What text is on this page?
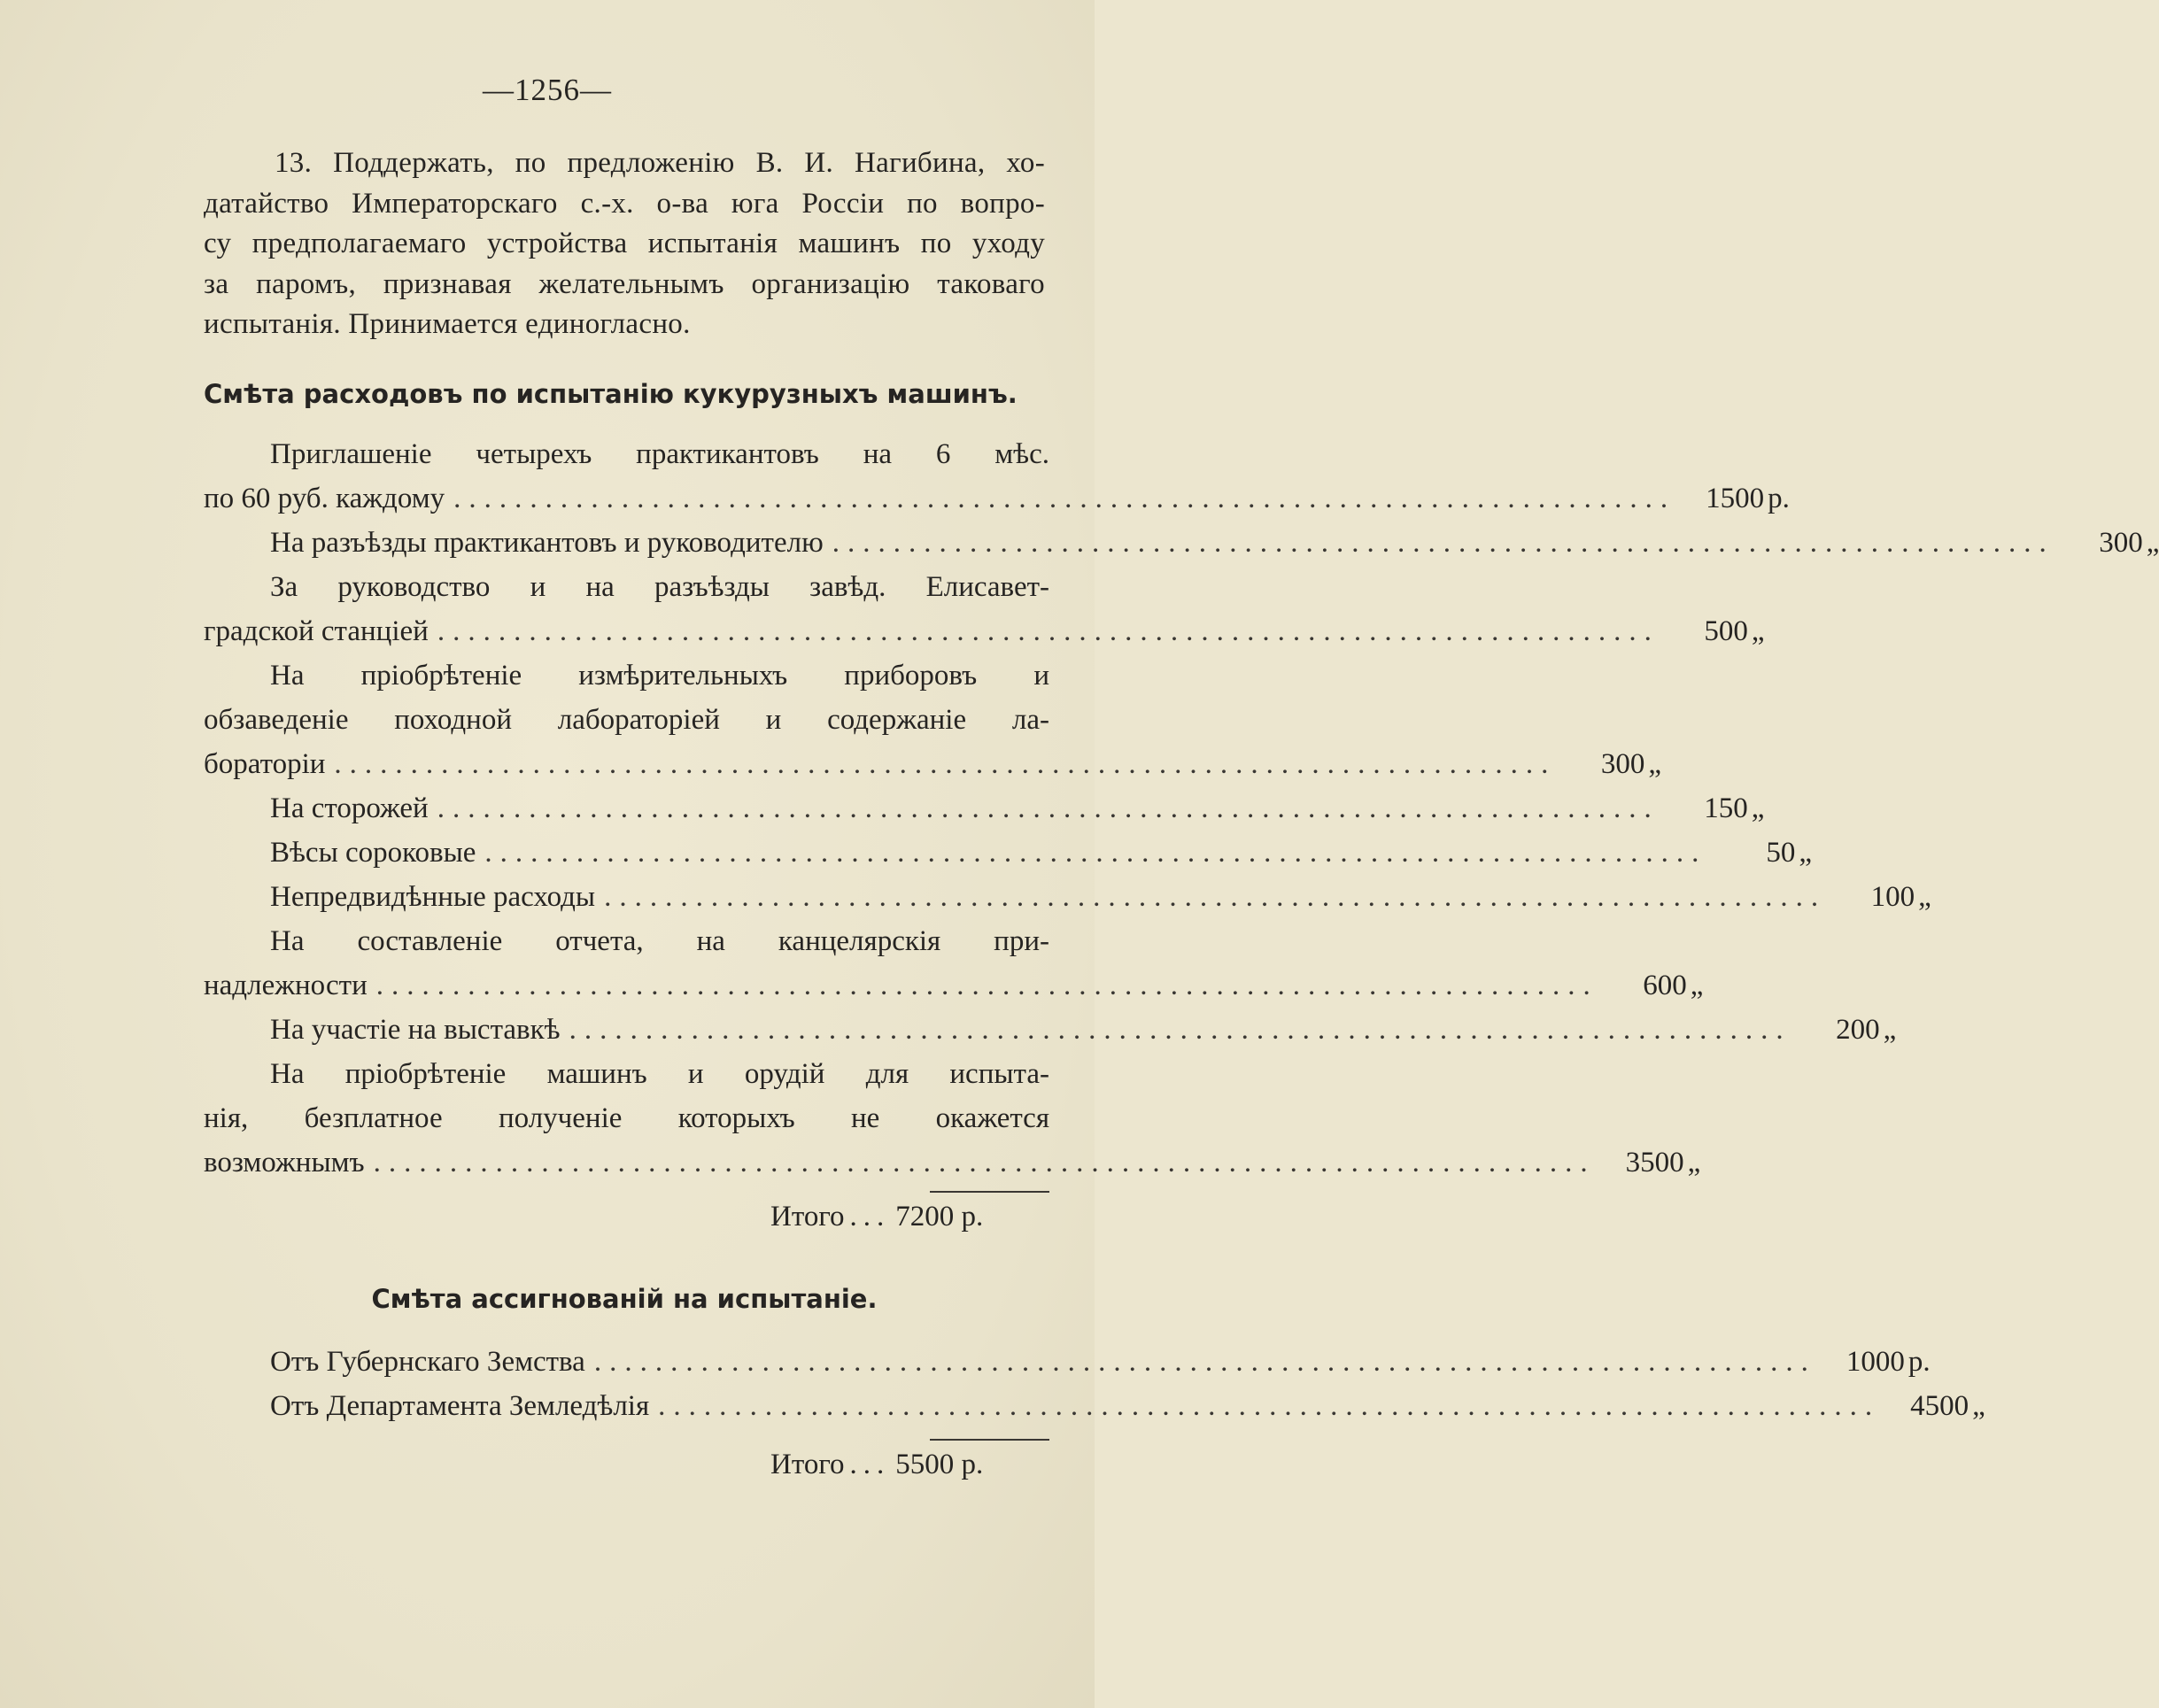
—1256—
13. Поддержать, по предложенію В. И. Нагибина, хо-
датайство Императорскаго с.-х. о-ва юга Россіи по вопро-
су предполагаемаго устройства испытанія машинъ по уходу
за паромъ, признавая желательнымъ организацію таковаго
испытанія. Принимается единогласно.
Смѣта расходовъ по испытанію кукурузныхъ машинъ.
Приглашеніе четырехъ практикантовъ на 6 мѣс.
по 60 руб. каждому ................................................................................	1500 р.
На разъѣзды практикантовъ и руководителю ................................................................................	300 „
За руководство и на разъѣзды завѣд. Елисавет-
градской станціей ................................................................................	500 „
На пріобрѣтеніе измѣрительныхъ приборовъ и
обзаведеніе походной лабораторіей и содержаніе ла-
бораторіи ................................................................................	300 „
На сторожей ................................................................................	150 „
Вѣсы сороковые ................................................................................	50 „
Непредвидѣнные расходы ................................................................................	100 „
На составленіе отчета, на канцелярскія при-
надлежности ................................................................................	600 „
На участіе на выставкѣ ................................................................................	200 „
На пріобрѣтеніе машинъ и орудій для испыта-
нія, безплатное полученіе которыхъ не окажется
возможнымъ ................................................................................	3500 „
Итого ... 7200 р.
Смѣта ассигнованій на испытаніе.
Отъ Губернскаго Земства ................................................................................	1000 р.
Отъ Департамента Земледѣлія ................................................................................	4500 „
Итого ... 5500 р.
